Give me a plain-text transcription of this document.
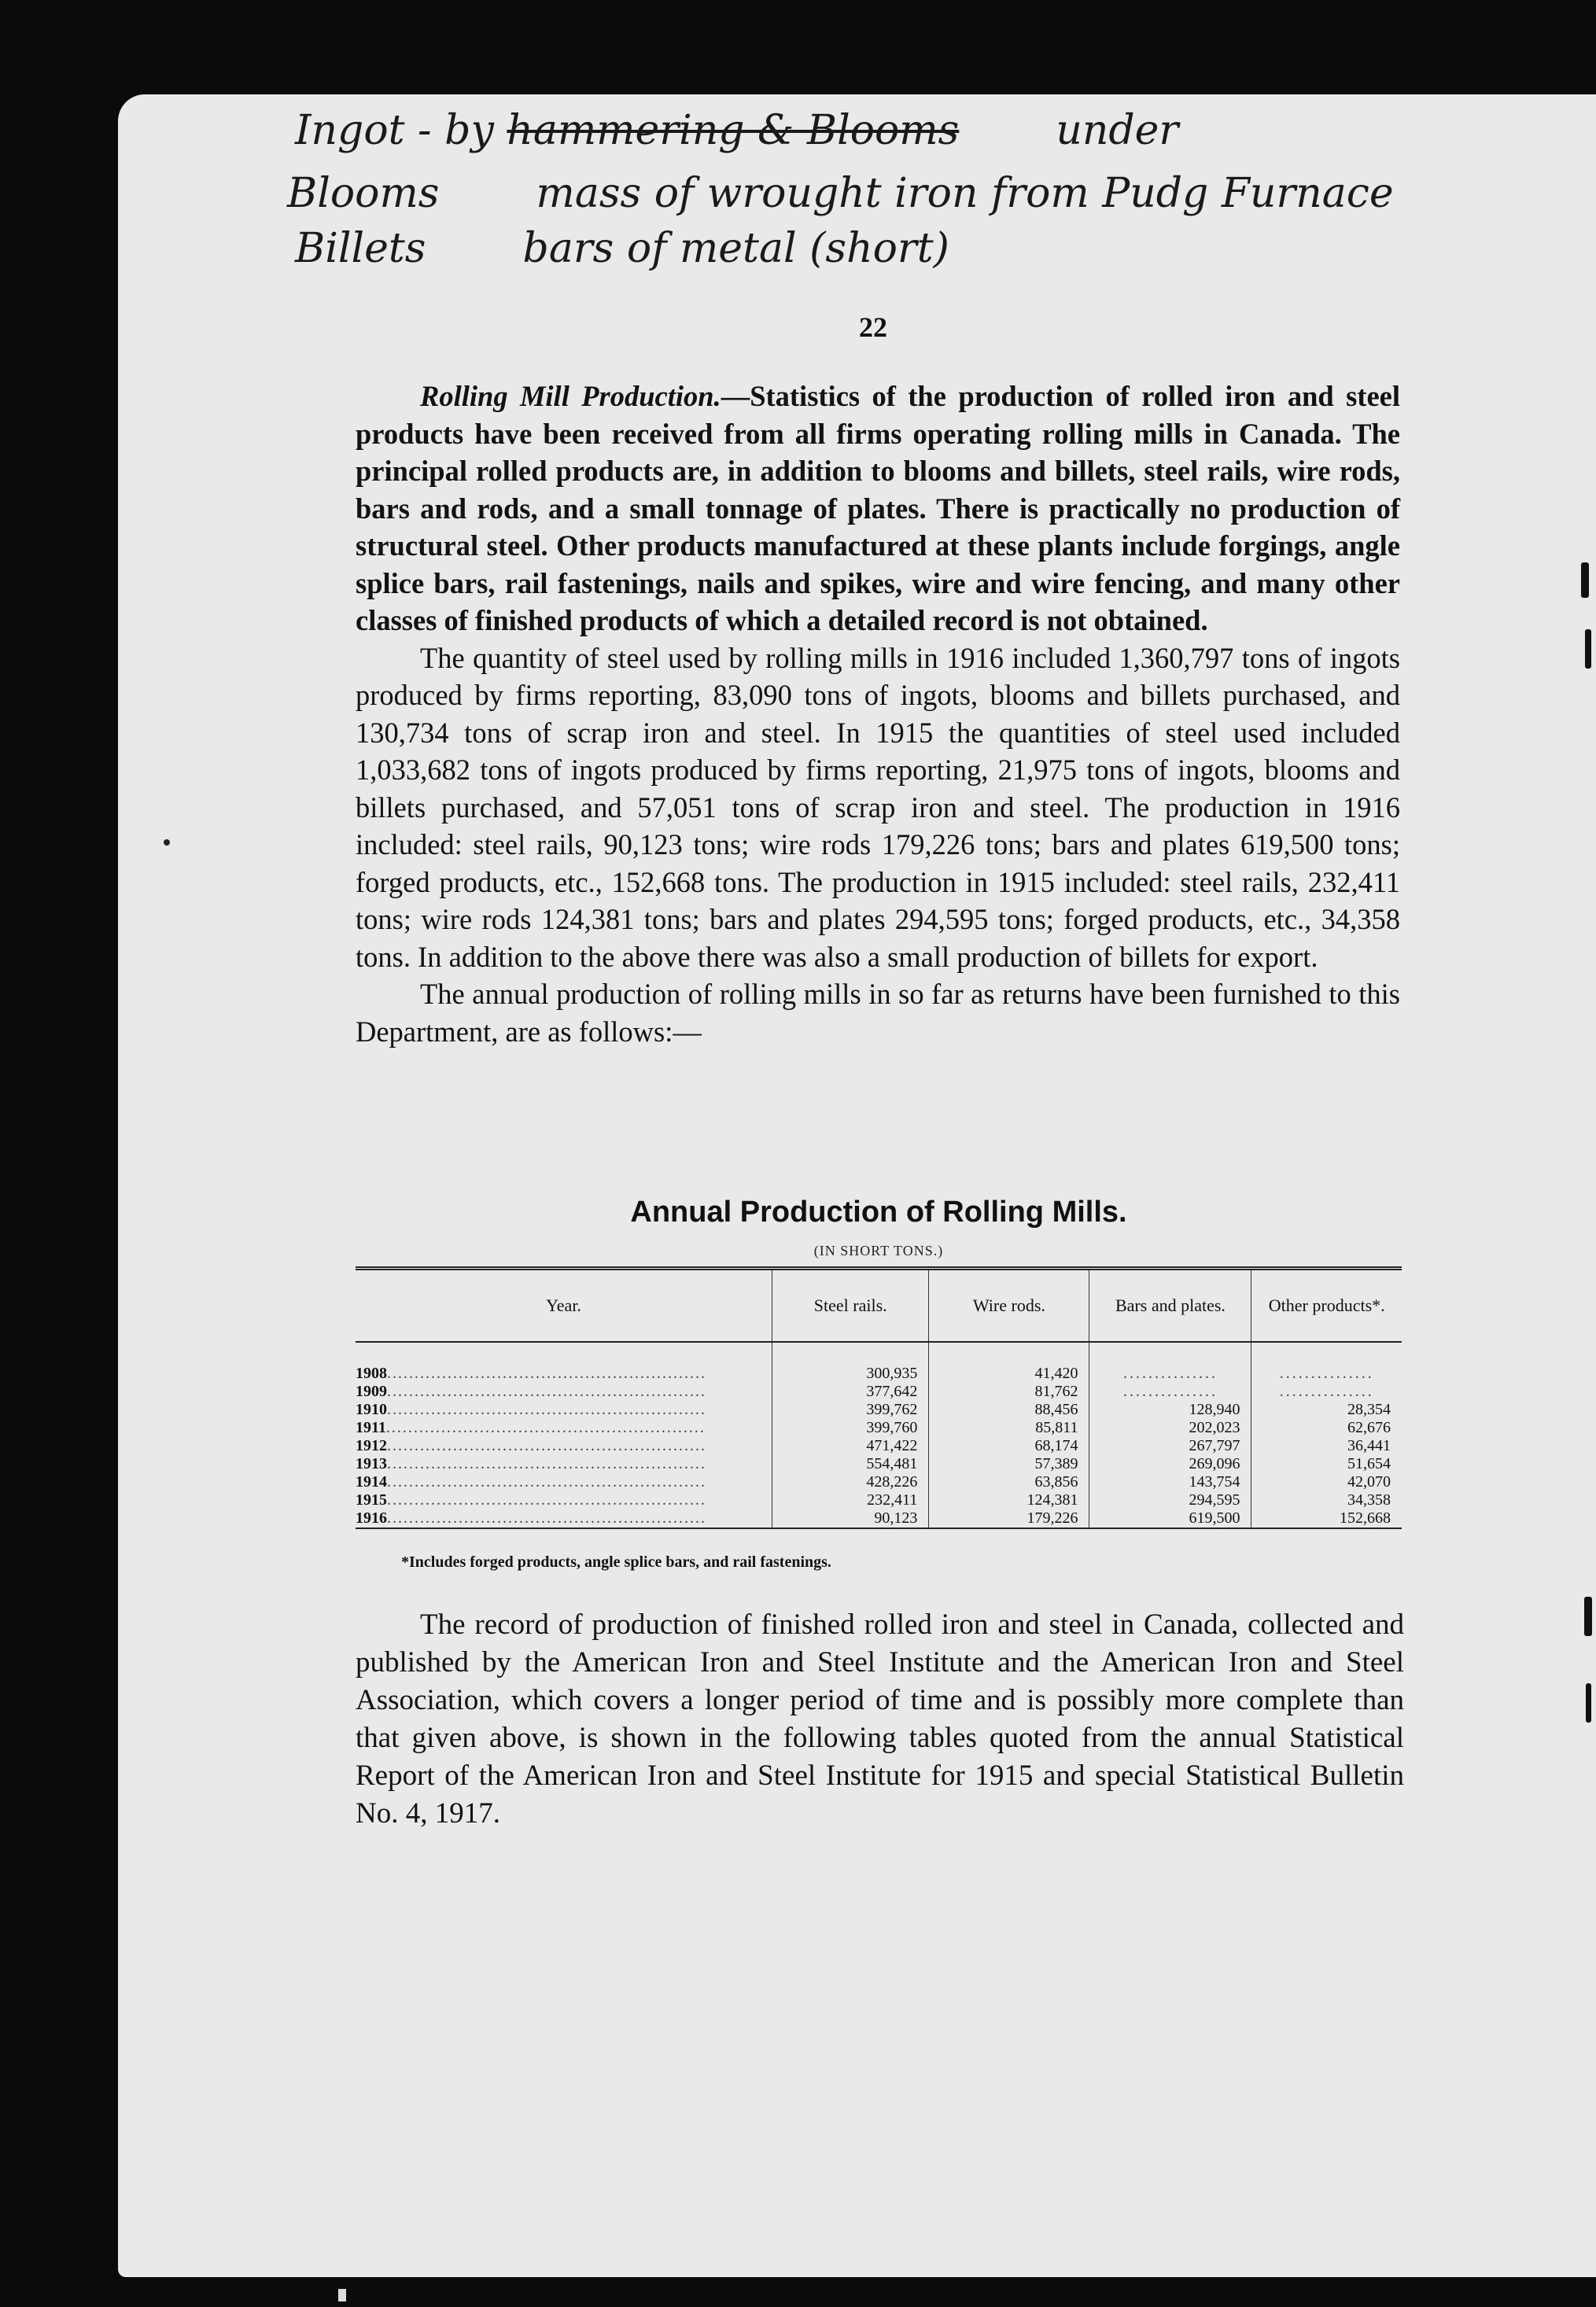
Ingot - by hammering & Blooms under
Blooms mass of wrought iron from Pudg Furnace
Billets bars of metal (short)
22

Rolling Mill Production.—Statistics of the production of rolled iron and steel products have been received from all firms operating rolling mills in Canada. The principal rolled products are, in addition to blooms and billets, steel rails, wire rods, bars and rods, and a small tonnage of plates. There is practically no production of structural steel. Other products manufactured at these plants include forgings, angle splice bars, rail fastenings, nails and spikes, wire and wire fencing, and many other classes of finished products of which a detailed record is not obtained.

The quantity of steel used by rolling mills in 1916 included 1,360,797 tons of ingots produced by firms reporting, 83,090 tons of ingots, blooms and billets purchased, and 130,734 tons of scrap iron and steel. In 1915 the quantities of steel used included 1,033,682 tons of ingots produced by firms reporting, 21,975 tons of ingots, blooms and billets purchased, and 57,051 tons of scrap iron and steel. The production in 1916 included: steel rails, 90,123 tons; wire rods 179,226 tons; bars and plates 619,500 tons; forged products, etc., 152,668 tons. The production in 1915 included: steel rails, 232,411 tons; wire rods 124,381 tons; bars and plates 294,595 tons; forged products, etc., 34,358 tons. In addition to the above there was also a small production of billets for export.

The annual production of rolling mills in so far as returns have been furnished to this Department, are as follows:—

Annual Production of Rolling Mills.
(IN SHORT TONS.)
Year.	Steel rails.	Wire rods.	Bars and plates.	Other products*.
1908..........................................................	300,935	41,420	...............	...............
1909..........................................................	377,642	81,762	...............	...............
1910..........................................................	399,762	88,456	128,940	28,354
1911..........................................................	399,760	85,811	202,023	62,676
1912..........................................................	471,422	68,174	267,797	36,441
1913..........................................................	554,481	57,389	269,096	51,654
1914..........................................................	428,226	63,856	143,754	42,070
1915..........................................................	232,411	124,381	294,595	34,358
1916..........................................................	90,123	179,226	619,500	152,668
*Includes forged products, angle splice bars, and rail fastenings.

The record of production of finished rolled iron and steel in Canada, collected and published by the American Iron and Steel Institute and the American Iron and Steel Association, which covers a longer period of time and is possibly more complete than that given above, is shown in the following tables quoted from the annual Statistical Report of the American Iron and Steel Institute for 1915 and special Statistical Bulletin No. 4, 1917.
